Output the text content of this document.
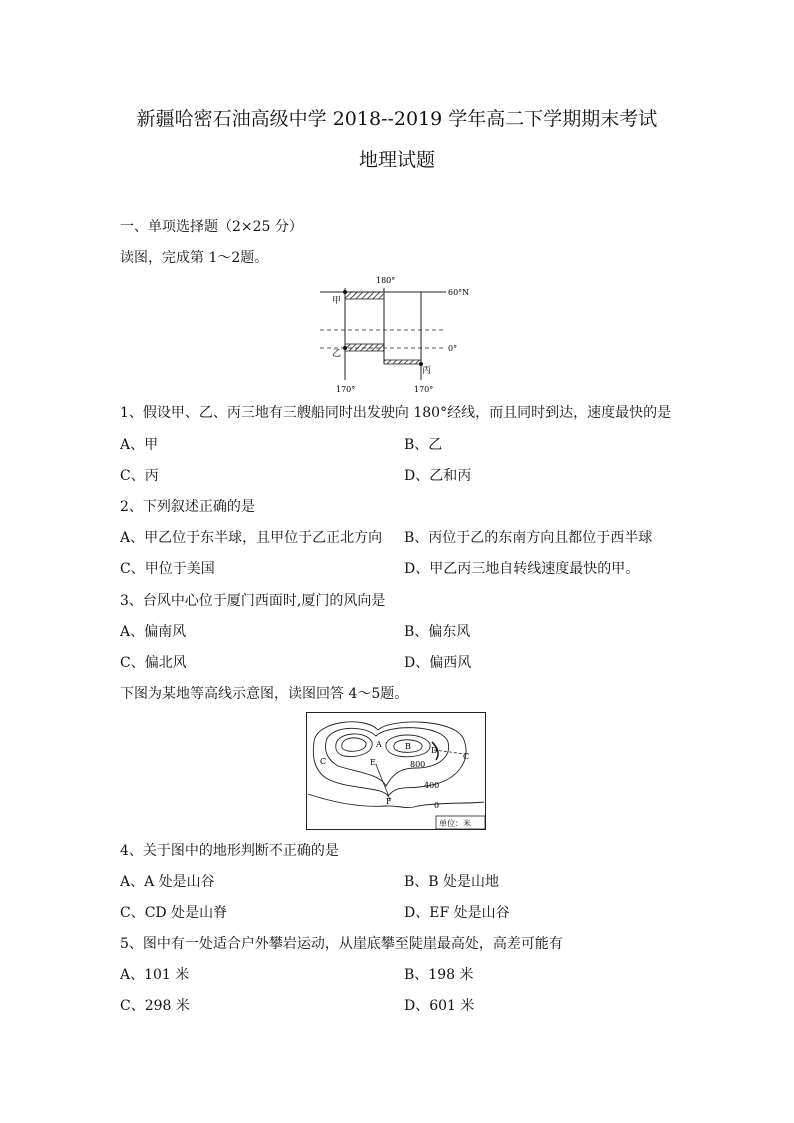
新疆哈密石油高级中学 2018--2019 学年高二下学期期末考试
地理试题
一、单项选择题（2×25 分）
读图，完成第 1～2题。
180°
60°N
0°
甲
乙
丙
170°	170°
1、假设甲、乙、丙三地有三艘船同时出发驶向 180°经线，而且同时到达，速度最快的是
A、甲	B、乙
C、丙	D、乙和丙
2、下列叙述正确的是
A、甲乙位于东半球，且甲位于乙正北方向 B、丙位于乙的东南方向且都位于西半球
C、甲位于美国	D、甲乙丙三地自转线速度最快的甲。
3、台风中心位于厦门西面时,厦门的风向是
A、偏南风	B、偏东风
C、偏北风	D、偏西风
下图为某地等高线示意图，读图回答 4～5题。
A	B
C
C
D
E
F
800
400
0
单位：米
4、关于图中的地形判断不正确的是
A、A 处是山谷	B、B 处是山地
C、CD 处是山脊	D、EF 处是山谷
5、图中有一处适合户外攀岩运动，从崖底攀至陡崖最高处，高差可能有
A、101 米	B、198 米
C、298 米	D、601 米
